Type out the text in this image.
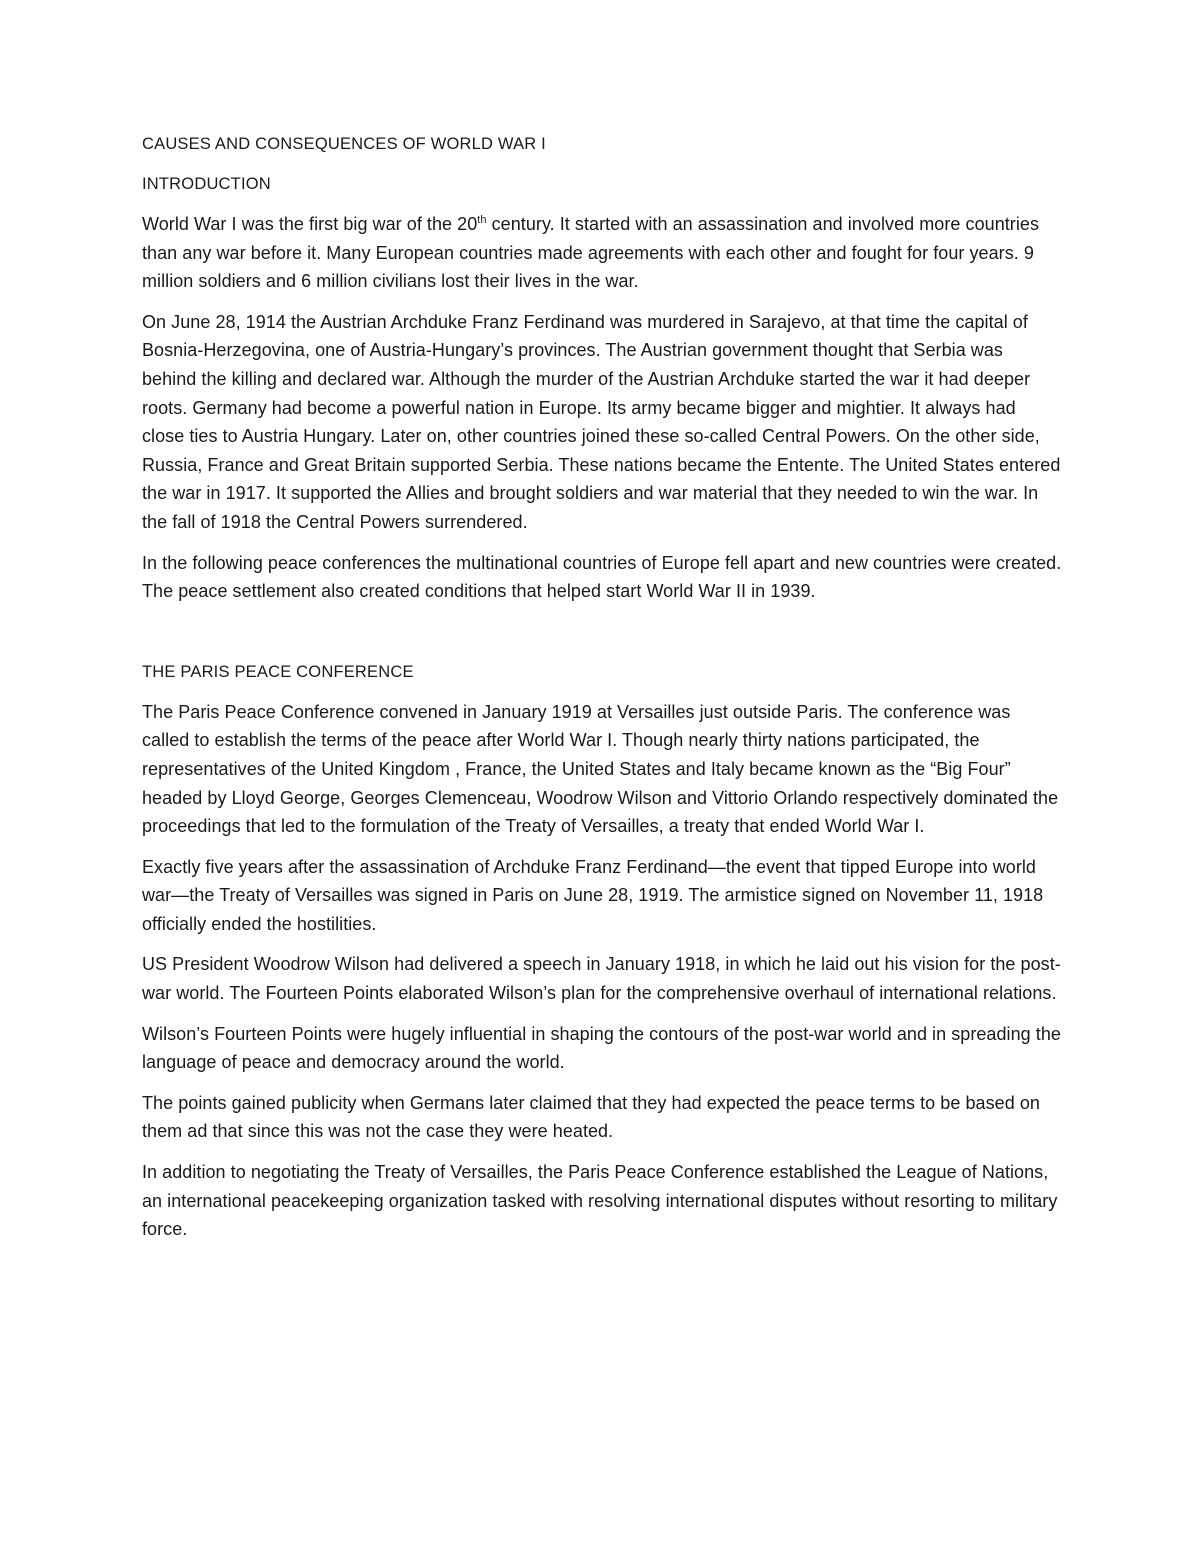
CAUSES AND CONSEQUENCES OF WORLD WAR I

INTRODUCTION

World War I was the first big war of the 20th century. It started with an assassination and involved more countries than any war before it. Many European countries made agreements with each other and fought for four years. 9 million soldiers and 6 million civilians lost their lives in the war.

On June 28, 1914 the Austrian Archduke Franz Ferdinand was murdered in Sarajevo, at that time the capital of Bosnia-Herzegovina, one of Austria-Hungary’s provinces. The Austrian government thought that Serbia was behind the killing and declared war. Although the murder of the Austrian Archduke started the war it had deeper roots. Germany had become a powerful nation in Europe. Its army became bigger and mightier. It always had close ties to Austria Hungary. Later on, other countries joined these so-called Central Powers. On the other side, Russia, France and Great Britain supported Serbia. These nations became the Entente. The United States entered the war in 1917. It supported the Allies and brought soldiers and war material that they needed to win the war. In the fall of 1918 the Central Powers surrendered.

In the following peace conferences the multinational countries of Europe fell apart and new countries were created. The peace settlement also created conditions that helped start World War II in 1939.

THE PARIS PEACE CONFERENCE

The Paris Peace Conference convened in January 1919 at Versailles just outside Paris. The conference was called to establish the terms of the peace after World War I. Though nearly thirty nations participated, the representatives of the United Kingdom , France, the United States and Italy became known as the “Big Four” headed by Lloyd George, Georges Clemenceau, Woodrow Wilson and Vittorio Orlando respectively dominated the proceedings that led to the formulation of the Treaty of Versailles, a treaty that ended World War I.

Exactly five years after the assassination of Archduke Franz Ferdinand—the event that tipped Europe into world war—the Treaty of Versailles was signed in Paris on June 28, 1919. The armistice signed on November 11, 1918 officially ended the hostilities.

US President Woodrow Wilson had delivered a speech in January 1918, in which he laid out his vision for the post-war world. The Fourteen Points elaborated Wilson’s plan for the comprehensive overhaul of international relations.

Wilson’s Fourteen Points were hugely influential in shaping the contours of the post-war world and in spreading the language of peace and democracy around the world.

The points gained publicity when Germans later claimed that they had expected the peace terms to be based on them ad that since this was not the case they were heated.

In addition to negotiating the Treaty of Versailles, the Paris Peace Conference established the League of Nations, an international peacekeeping organization tasked with resolving international disputes without resorting to military force.
